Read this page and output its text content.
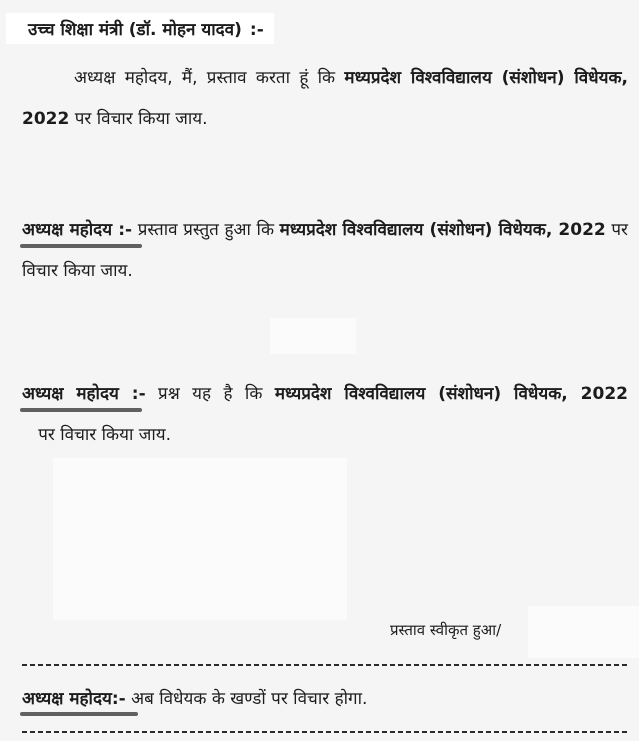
उच्च शिक्षा मंत्री (डॉ. मोहन यादव) :-
अध्यक्ष महोदय, मैं, प्रस्ताव करता हूं कि मध्यप्रदेश विश्वविद्यालय (संशोधन) विधेयक, 2022 पर विचार किया जाय.
अध्यक्ष महोदय :-
प्रस्ताव प्रस्तुत हुआ कि मध्यप्रदेश विश्वविद्यालय (संशोधन) विधेयक, 2022 पर विचार किया जाय.
अध्यक्ष महोदय :-
प्रश्न यह है कि मध्यप्रदेश विश्वविद्यालय (संशोधन) विधेयक, 2022   पर विचार किया जाय.
प्रस्ताव स्वीकृत हुआ/
अध्यक्ष महोदय:-
अब विधेयक के खण्डों पर विचार होगा.
